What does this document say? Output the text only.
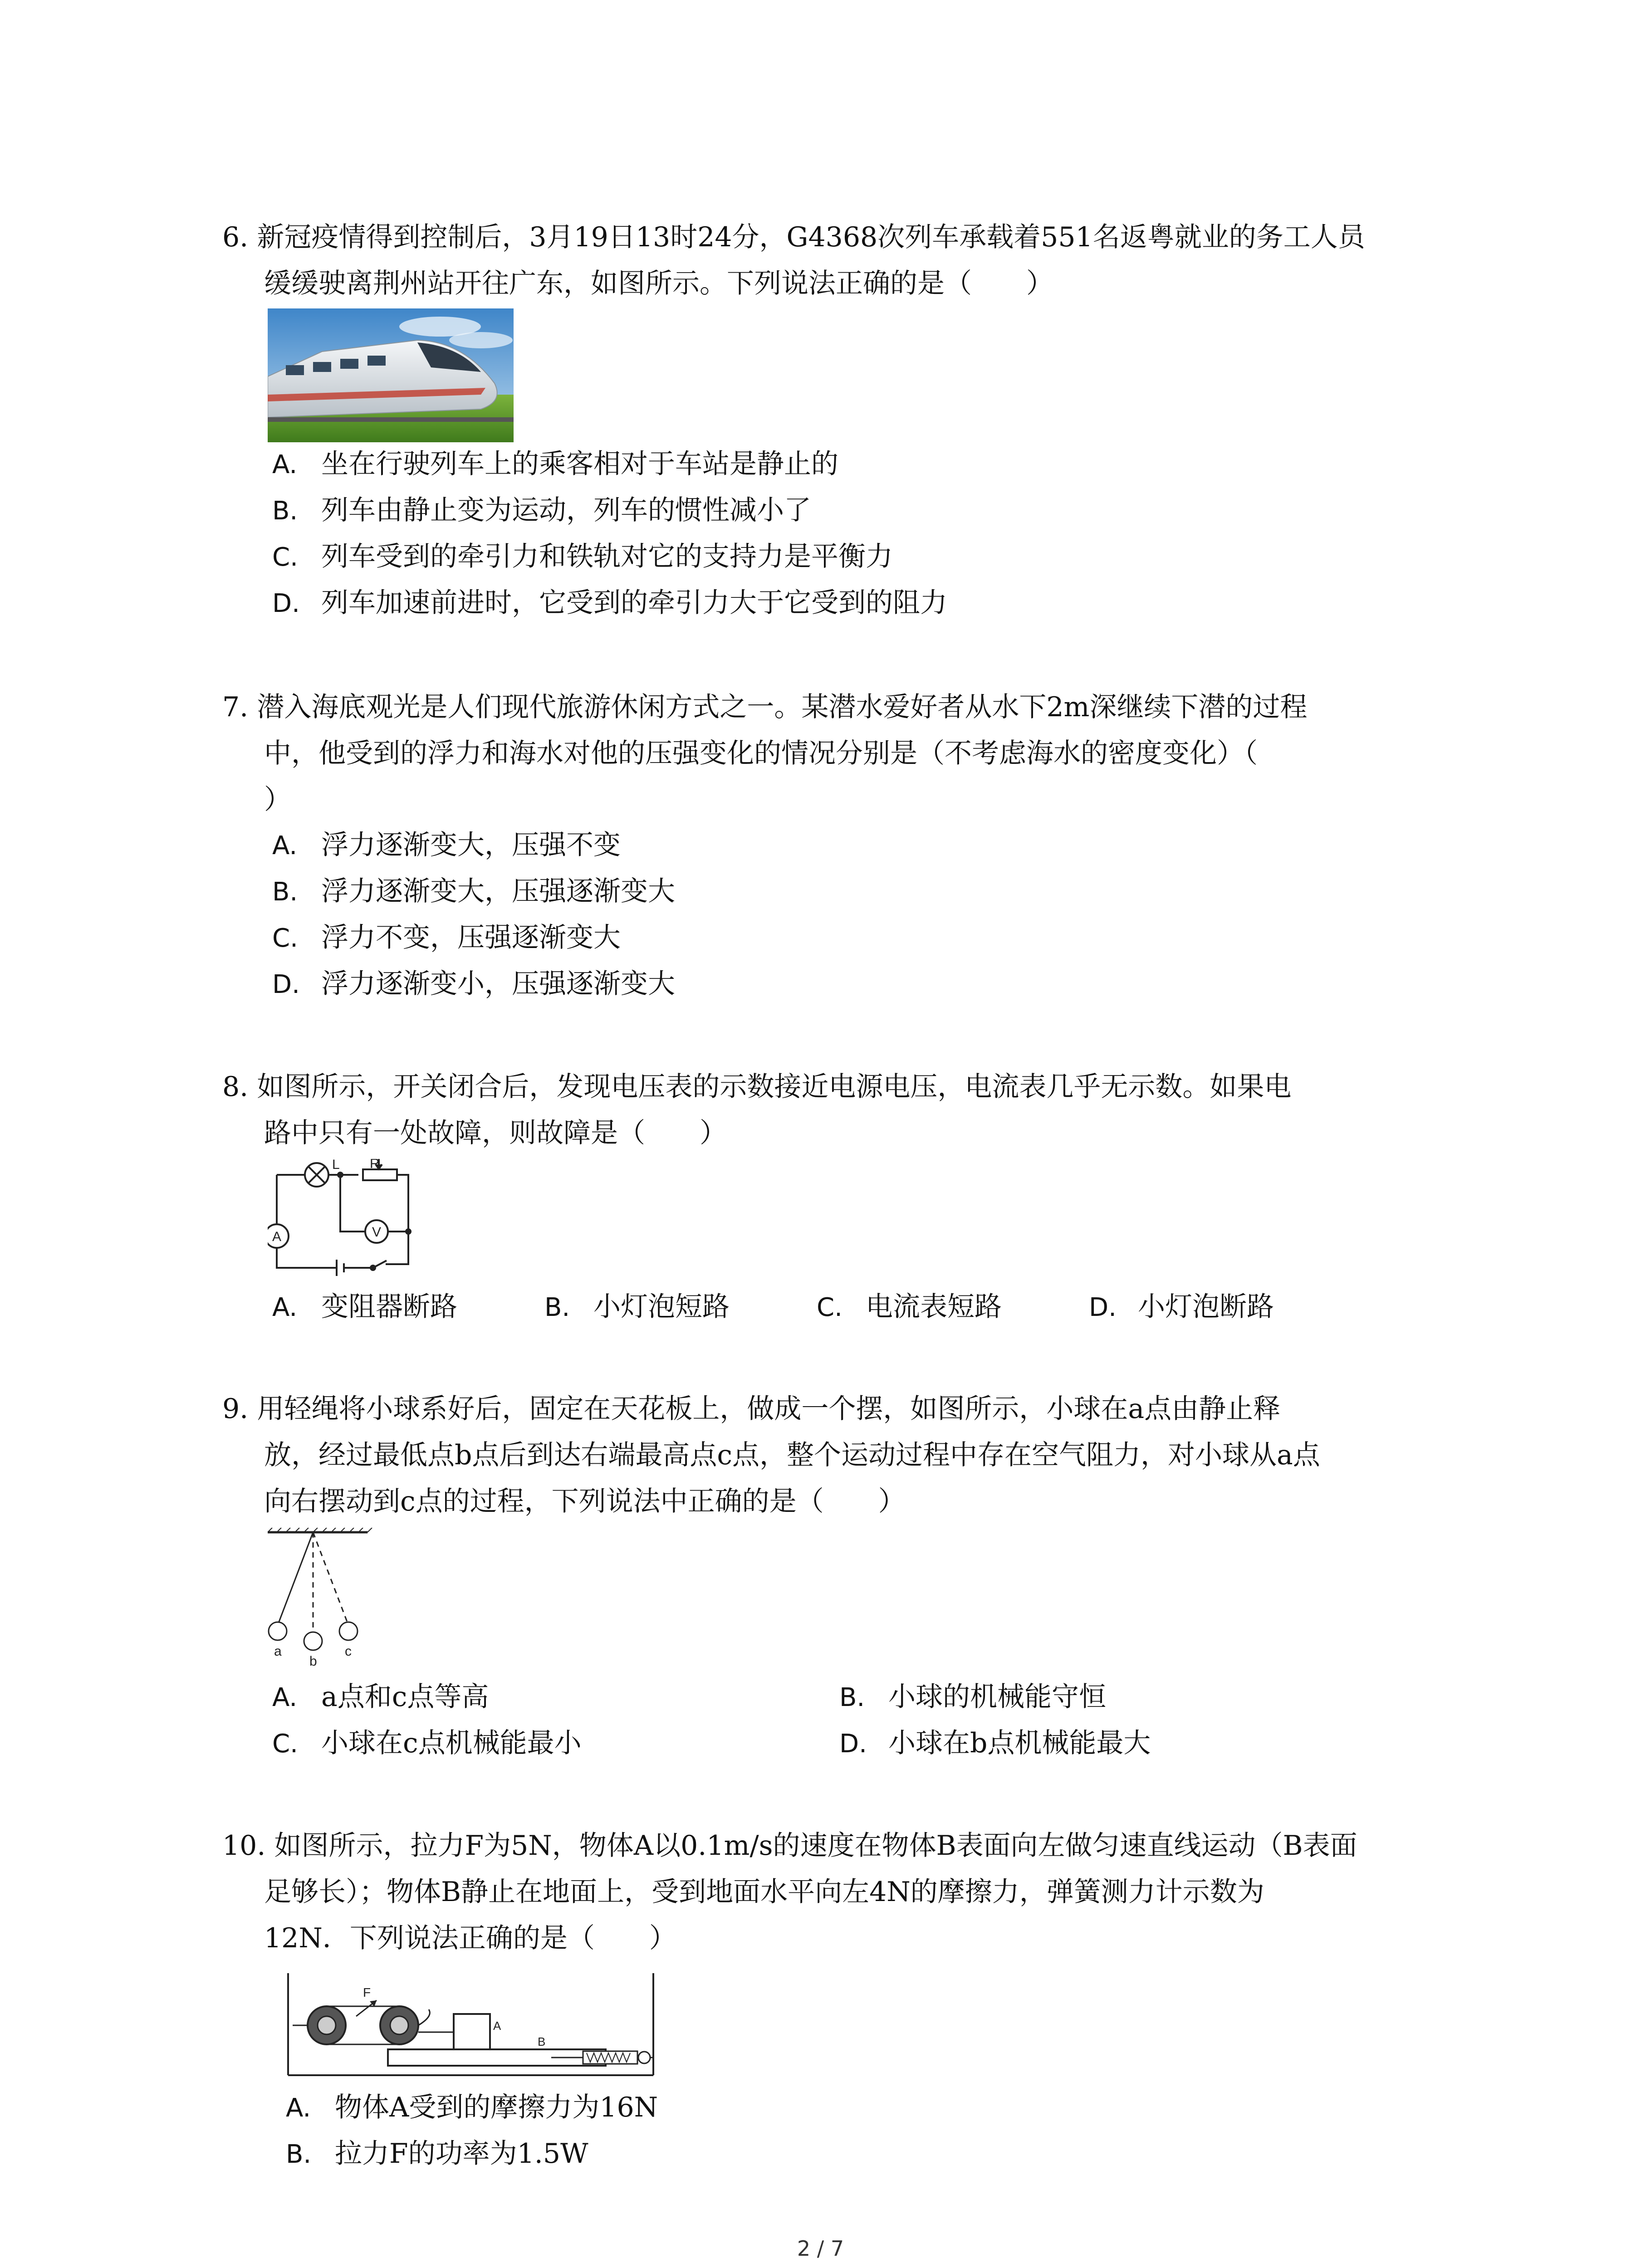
6. 新冠疫情得到控制后，3月19日13时24分，G4368次列车承载着551名返粤就业的务工人员
缓缓驶离荆州站开往广东，如图所示。下列说法正确的是（　　）
A. 坐在行驶列车上的乘客相对于车站是静止的
B. 列车由静止变为运动，列车的惯性减小了
C. 列车受到的牵引力和铁轨对它的支持力是平衡力
D. 列车加速前进时，它受到的牵引力大于它受到的阻力
7. 潜入海底观光是人们现代旅游休闲方式之一。某潜水爱好者从水下2m深继续下潜的过程
中，他受到的浮力和海水对他的压强变化的情况分别是（不考虑海水的密度变化）（
）
A. 浮力逐渐变大，压强不变
B. 浮力逐渐变大，压强逐渐变大
C. 浮力不变，压强逐渐变大
D. 浮力逐渐变小，压强逐渐变大
8. 如图所示，开关闭合后，发现电压表的示数接近电源电压，电流表几乎无示数。如果电
路中只有一处故障，则故障是（　　）
L R
A	V
A. 变阻器断路	B. 小灯泡短路	C. 电流表短路	D. 小灯泡断路
9. 用轻绳将小球系好后，固定在天花板上，做成一个摆，如图所示，小球在a点由静止释
放，经过最低点b点后到达右端最高点c点，整个运动过程中存在空气阻力，对小球从a点
向右摆动到c点的过程，下列说法中正确的是（　　）
a
b
c
A. a点和c点等高	B. 小球的机械能守恒
C. 小球在c点机械能最小	D. 小球在b点机械能最大
10. 如图所示，拉力F为5N，物体A以0.1m/s的速度在物体B表面向左做匀速直线运动（B表面
足够长）；物体B静止在地面上，受到地面水平向左4N的摩擦力，弹簧测力计示数为
12N．下列说法正确的是（　　）
F
A
B
A. 物体A受到的摩擦力为16N
B. 拉力F的功率为1.5W
2 / 7
